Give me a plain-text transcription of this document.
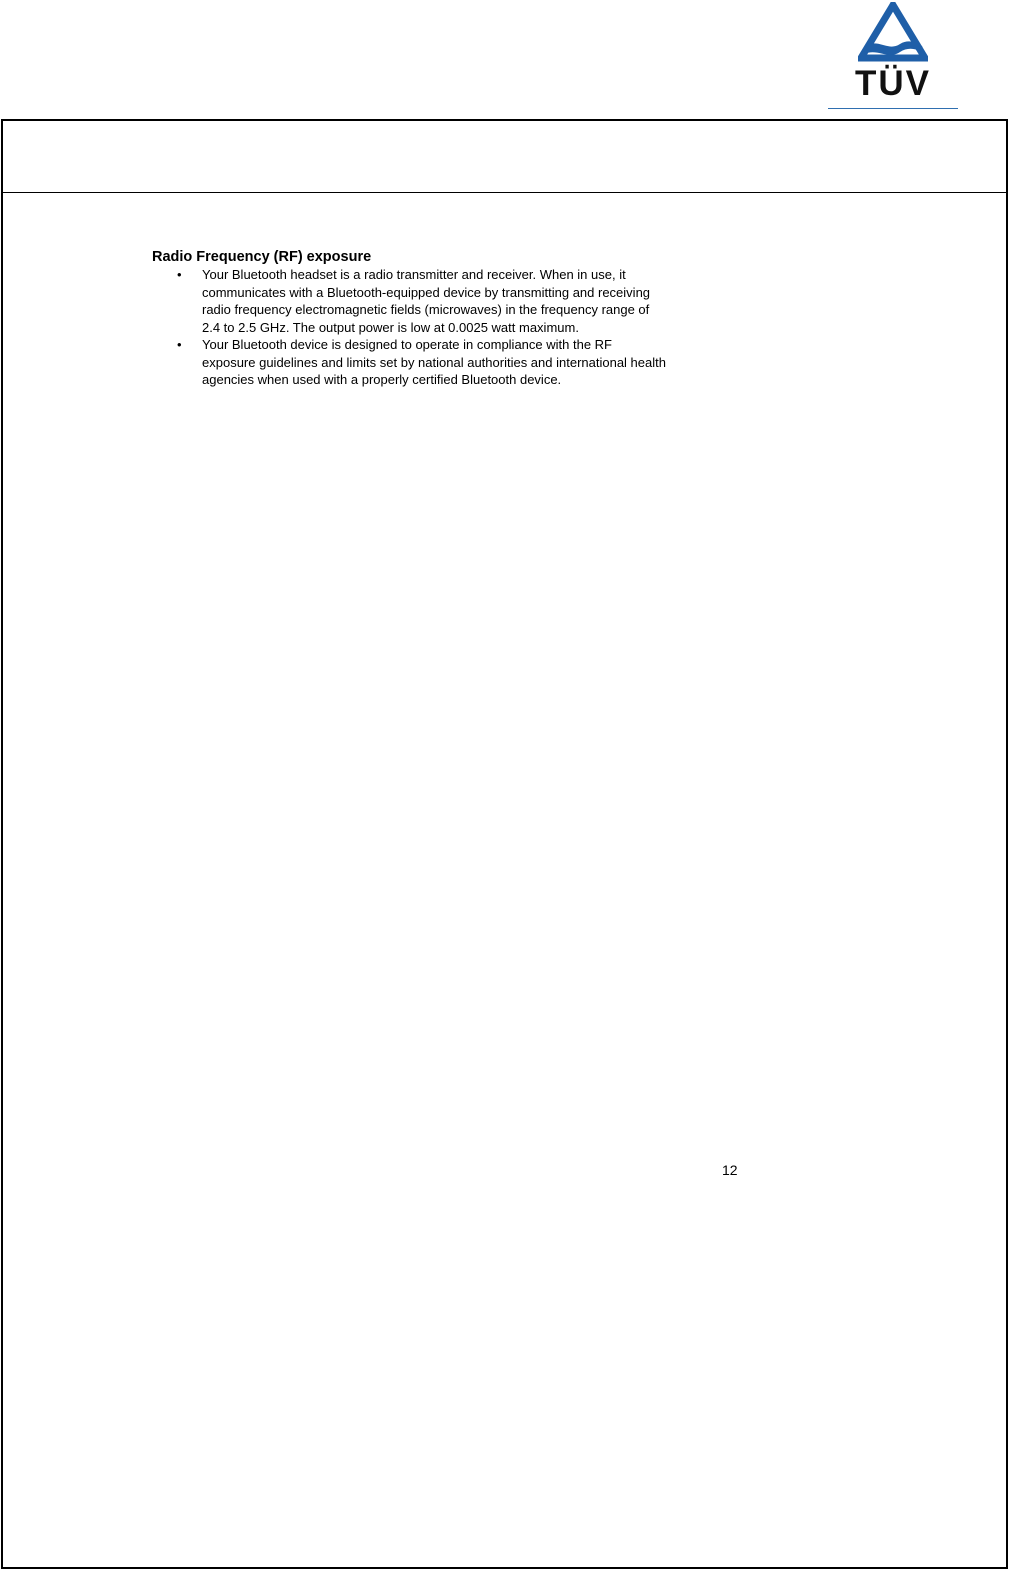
TÜV
Radio Frequency (RF) exposure
• Your Bluetooth headset is a radio transmitter and receiver. When in use, it
communicates with a Bluetooth-equipped device by transmitting and receiving
radio frequency electromagnetic fields (microwaves) in the frequency range of
2.4 to 2.5 GHz. The output power is low at 0.0025 watt maximum.
• Your Bluetooth device is designed to operate in compliance with the RF
exposure guidelines and limits set by national authorities and international health
agencies when used with a properly certified Bluetooth device.
12
